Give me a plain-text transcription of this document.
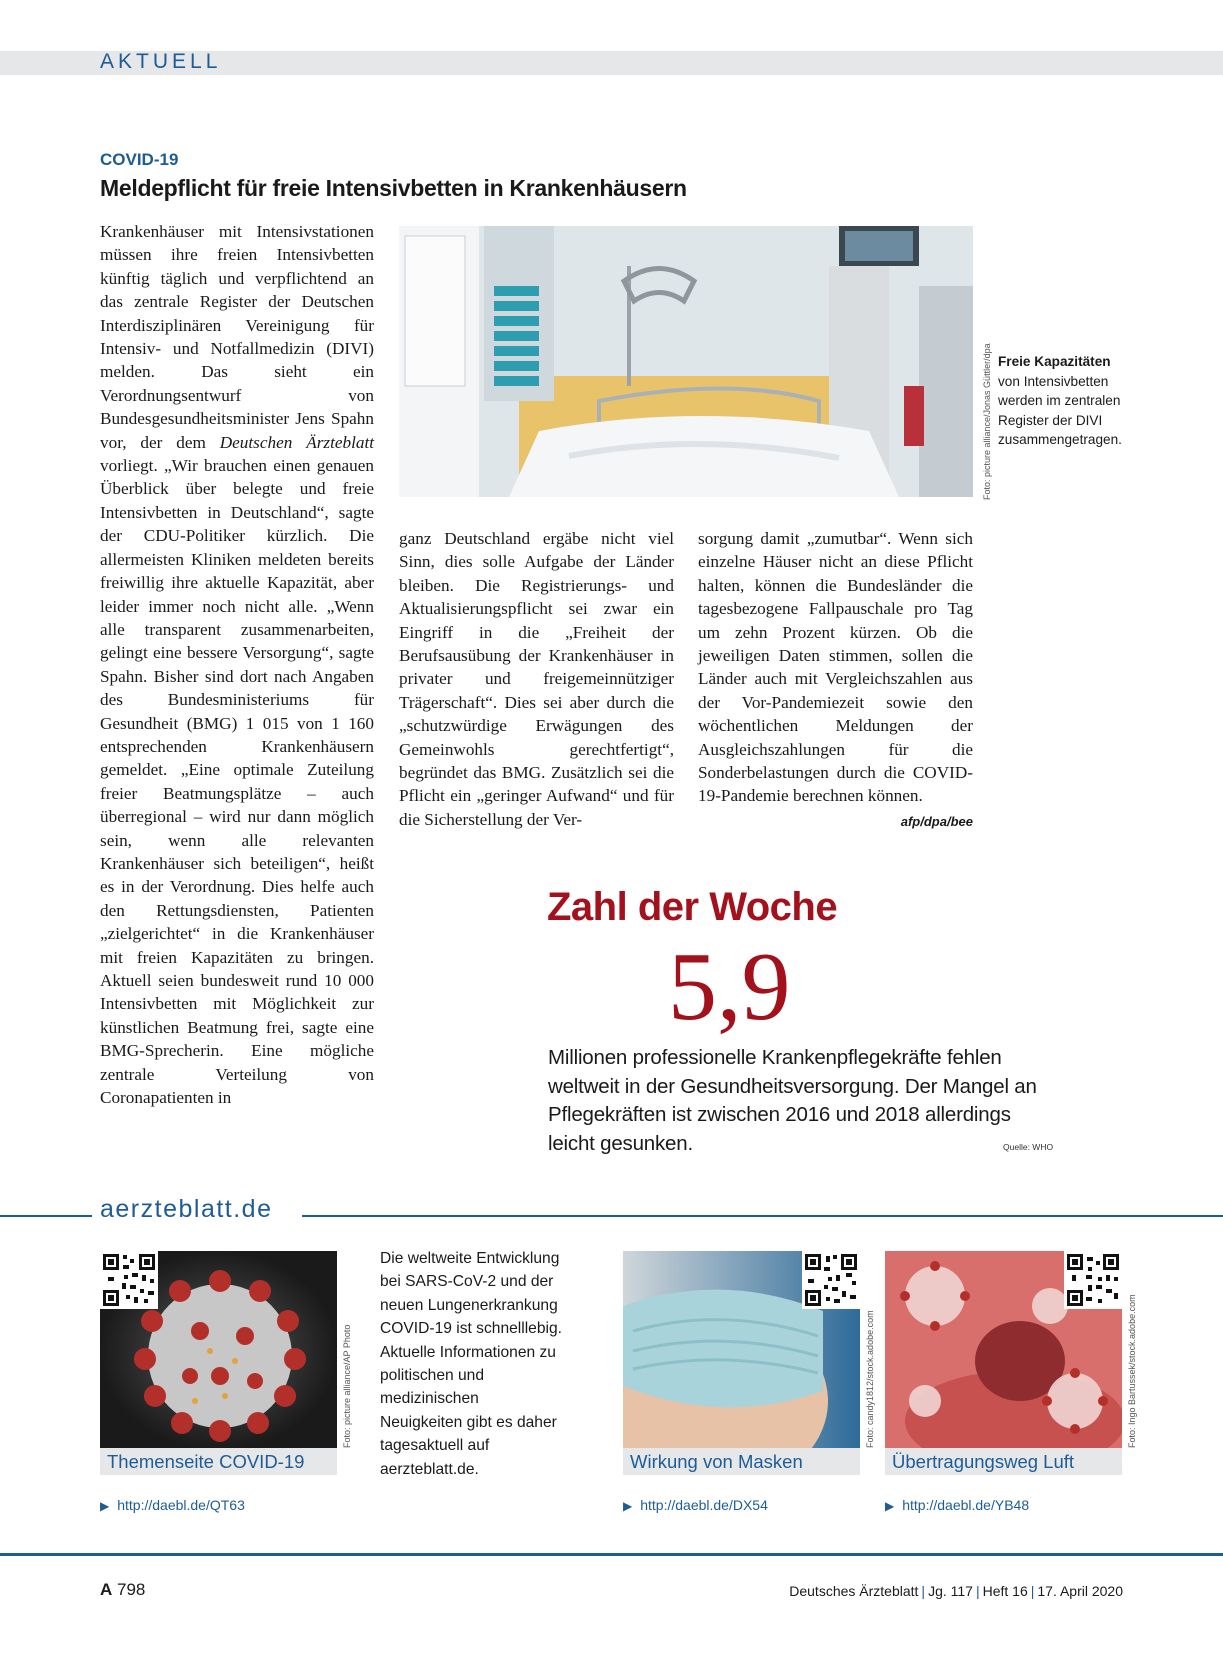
AKTUELL
COVID-19
Meldepflicht für freie Intensivbetten in Krankenhäusern
Krankenhäuser mit Intensivstationen müssen ihre freien Intensivbetten künftig täglich und verpflichtend an das zentrale Register der Deutschen Interdisziplinären Vereinigung für Intensiv- und Notfallmedizin (DIVI) melden. Das sieht ein Verordnungsentwurf von Bundesgesundheitsminister Jens Spahn vor, der dem Deutschen Ärzteblatt vorliegt. „Wir brauchen einen genauen Überblick über belegte und freie Intensivbetten in Deutschland“, sagte der CDU-Politiker kürzlich. Die allermeisten Kliniken meldeten bereits freiwillig ihre aktuelle Kapazität, aber leider immer noch nicht alle. „Wenn alle transparent zusammenarbeiten, gelingt eine bessere Versorgung“, sagte Spahn. Bisher sind dort nach Angaben des Bundesministeriums für Gesundheit (BMG) 1 015 von 1 160 entsprechenden Krankenhäusern gemeldet. „Eine optimale Zuteilung freier Beatmungsplätze – auch überregional – wird nur dann möglich sein, wenn alle relevanten Krankenhäuser sich beteiligen“, heißt es in der Verordnung. Dies helfe auch den Rettungsdiensten, Patienten „zielgerichtet“ in die Krankenhäuser mit freien Kapazitäten zu bringen. Aktuell seien bundesweit rund 10 000 Intensivbetten mit Möglichkeit zur künstlichen Beatmung frei, sagte eine BMG-Sprecherin. Eine mögliche zentrale Verteilung von Coronapatienten in
Foto: picture alliance/Jonas Güttler/dpa Freie Kapazitäten von Intensivbetten werden im zentralen Register der DIVI zusammengetragen.
ganz Deutschland ergäbe nicht viel Sinn, dies solle Aufgabe der Länder bleiben. Die Registrierungs- und Aktualisierungspflicht sei zwar ein Eingriff in die „Freiheit der Berufsausübung der Krankenhäuser in privater und freigemeinnütziger Trägerschaft“. Dies sei aber durch die „schutzwürdige Erwägungen des Gemeinwohls gerechtfertigt“, begründet das BMG. Zusätzlich sei die Pflicht ein „geringer Aufwand“ und für die Sicherstellung der Ver-
sorgung damit „zumutbar“. Wenn sich einzelne Häuser nicht an diese Pflicht halten, können die Bundesländer die tagesbezogene Fallpauschale pro Tag um zehn Prozent kürzen. Ob die jeweiligen Daten stimmen, sollen die Länder auch mit Vergleichszahlen aus der Vor-Pandemiezeit sowie den wöchentlichen Meldungen der Ausgleichszahlungen für die Sonderbelastungen durch die COVID-19-Pandemie berechnen können.
afp/dpa/bee
Zahl der Woche
5,9
Millionen professionelle Krankenpflegekräfte fehlen weltweit in der Gesundheitsversorgung. Der Mangel an Pflegekräften ist zwischen 2016 und 2018 allerdings leicht gesunken.	Quelle: WHO
aerzteblatt.de
Foto: picture alliance/AP Photo
Themenseite COVID-19
▶ http://daebl.de/QT63
Die weltweite Entwicklung bei SARS-CoV-2 und der neuen Lungenerkrankung COVID-19 ist schnelllebig. Aktuelle Informationen zu politischen und medizinischen Neuigkeiten gibt es daher tagesaktuell auf aerzteblatt.de.
Foto: candy1812/stock.adobe.com
Wirkung von Masken
▶ http://daebl.de/DX54
Foto: Ingo Bartussek/stock.adobe.com
Übertragungsweg Luft
▶ http://daebl.de/YB48
A 798	Deutsches Ärzteblatt | Jg. 117 | Heft 16 | 17. April 2020
